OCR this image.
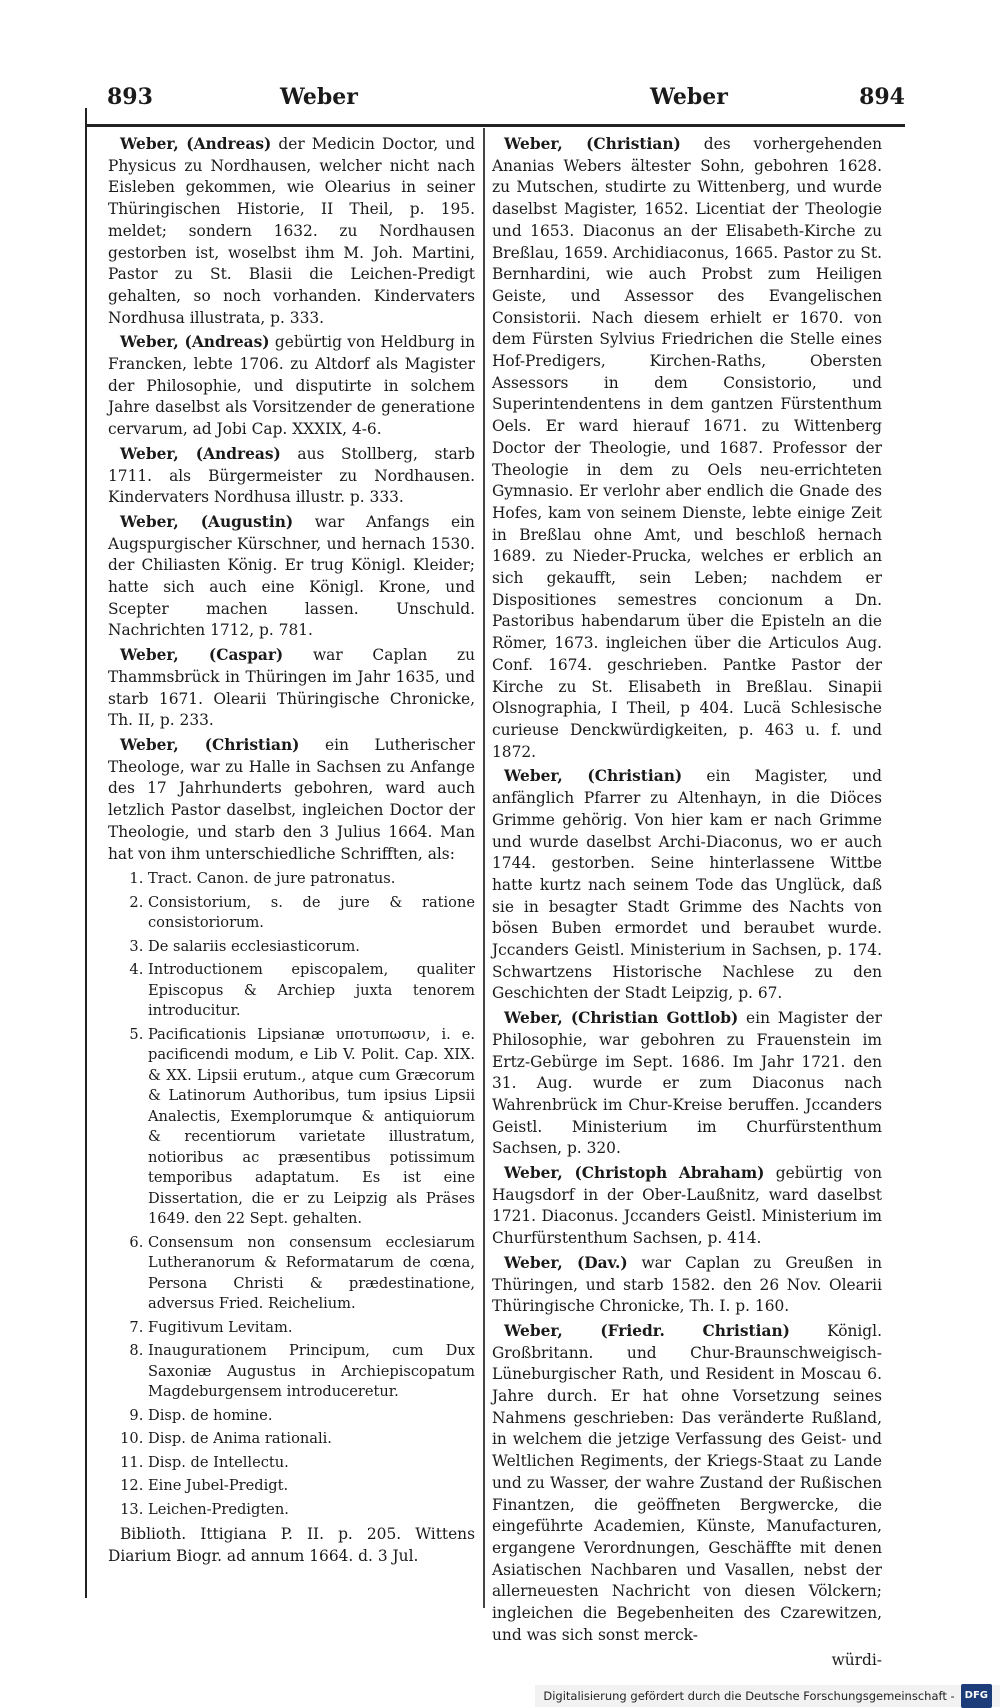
893	Weber	Weber	894

Weber, (Andreas) der Medicin Doctor, und Physicus zu Nordhausen, welcher nicht nach Eisleben gekommen, wie Olearius in seiner Thüringischen Historie, II Theil, p. 195. meldet; sondern 1632. zu Nordhausen gestorben ist, woselbst ihm M. Joh. Martini, Pastor zu St. Blasii die Leichen-Predigt gehalten, so noch vorhanden. Kindervaters Nordhusa illustrata, p. 333.

Weber, (Andreas) gebürtig von Heldburg in Francken, lebte 1706. zu Altdorf als Magister der Philosophie, und disputirte in solchem Jahre daselbst als Vorsitzender de generatione cervarum, ad Jobi Cap. XXXIX, 4-6.

Weber, (Andreas) aus Stollberg, starb 1711. als Bürgermeister zu Nordhausen. Kindervaters Nordhusa illustr. p. 333.

Weber, (Augustin) war Anfangs ein Augspurgischer Kürschner, und hernach 1530. der Chiliasten König. Er trug Königl. Kleider; hatte sich auch eine Königl. Krone, und Scepter machen lassen. Unschuld. Nachrichten 1712, p. 781.

Weber, (Caspar) war Caplan zu Thammsbrück in Thüringen im Jahr 1635, und starb 1671. Olearii Thüringische Chronicke, Th. II, p. 233.

Weber, (Christian) ein Lutherischer Theologe, war zu Halle in Sachsen zu Anfange des 17 Jahrhunderts gebohren, ward auch letzlich Pastor daselbst, ingleichen Doctor der Theologie, und starb den 3 Julius 1664. Man hat von ihm unterschiedliche Schrifften, als:

1. Tract. Canon. de jure patronatus.
2. Consistorium, s. de jure & ratione consistoriorum.
3. De salariis ecclesiasticorum.
4. Introductionem episcopalem, qualiter Episcopus & Archiep juxta tenorem introducitur.
5. Pacificationis Lipsianæ υποτυπωσιν, i. e. pacificendi modum, e Lib V. Polit. Cap. XIX. & XX. Lipsii erutum., atque cum Græcorum & Latinorum Authoribus, tum ipsius Lipsii Analectis, Exemplorumque & antiquiorum & recentiorum varietate illustratum, notioribus ac præsentibus potissimum temporibus adaptatum. Es ist eine Dissertation, die er zu Leipzig als Präses 1649. den 22 Sept. gehalten.
6. Consensum non consensum ecclesiarum Lutheranorum & Reformatarum de cœna, Persona Christi & prædestinatione, adversus Fried. Reichelium.
7. Fugitivum Levitam.
8. Inaugurationem Principum, cum Dux Saxoniæ Augustus in Archiepiscopatum Magdeburgensem introduceretur.
9. Disp. de homine.
10. Disp. de Anima rationali.
11. Disp. de Intellectu.
12. Eine Jubel-Predigt.
13. Leichen-Predigten.

Biblioth. Ittigiana P. II. p. 205. Wittens Diarium Biogr. ad annum 1664. d. 3 Jul.

Weber, (Christian) des vorhergehenden Ananias Webers ältester Sohn, gebohren 1628. zu Mutschen, studirte zu Wittenberg, und wurde daselbst Magister, 1652. Licentiat der Theologie und 1653. Diaconus an der Elisabeth-Kirche zu Breßlau, 1659. Archidiaconus, 1665. Pastor zu St. Bernhardini, wie auch Probst zum Heiligen Geiste, und Assessor des Evangelischen Consistorii. Nach diesem erhielt er 1670. von dem Fürsten Sylvius Friedrichen die Stelle eines Hof-Predigers, Kirchen-Raths, Obersten Assessors in dem Consistorio, und Superintendentens in dem gantzen Fürstenthum Oels. Er ward hierauf 1671. zu Wittenberg Doctor der Theologie, und 1687. Professor der Theologie in dem zu Oels neu-errichteten Gymnasio. Er verlohr aber endlich die Gnade des Hofes, kam von seinem Dienste, lebte einige Zeit in Breßlau ohne Amt, und beschloß hernach 1689. zu Nieder-Prucka, welches er erblich an sich gekaufft, sein Leben; nachdem er Dispositiones semestres concionum a Dn. Pastoribus habendarum über die Episteln an die Römer, 1673. ingleichen über die Articulos Aug. Conf. 1674. geschrieben. Pantke Pastor der Kirche zu St. Elisabeth in Breßlau. Sinapii Olsnographia, I Theil, p 404. Lucä Schlesische curieuse Denckwürdigkeiten, p. 463 u. f. und 1872.

Weber, (Christian) ein Magister, und anfänglich Pfarrer zu Altenhayn, in die Diöces Grimme gehörig. Von hier kam er nach Grimme und wurde daselbst Archi-Diaconus, wo er auch 1744. gestorben. Seine hinterlassene Wittbe hatte kurtz nach seinem Tode das Unglück, daß sie in besagter Stadt Grimme des Nachts von bösen Buben ermordet und beraubet wurde. Jccanders Geistl. Ministerium in Sachsen, p. 174. Schwartzens Historische Nachlese zu den Geschichten der Stadt Leipzig, p. 67.

Weber, (Christian Gottlob) ein Magister der Philosophie, war gebohren zu Frauenstein im Ertz-Gebürge im Sept. 1686. Im Jahr 1721. den 31. Aug. wurde er zum Diaconus nach Wahrenbrück im Chur-Kreise beruffen. Jccanders Geistl. Ministerium im Churfürstenthum Sachsen, p. 320.

Weber, (Christoph Abraham) gebürtig von Haugsdorf in der Ober-Laußnitz, ward daselbst 1721. Diaconus. Jccanders Geistl. Ministerium im Churfürstenthum Sachsen, p. 414.

Weber, (Dav.) war Caplan zu Greußen in Thüringen, und starb 1582. den 26 Nov. Olearii Thüringische Chronicke, Th. I. p. 160.

Weber, (Friedr. Christian) Königl. Großbritann. und Chur-Braunschweigisch-Lüneburgischer Rath, und Resident in Moscau 6. Jahre durch. Er hat ohne Vorsetzung seines Nahmens geschrieben: Das veränderte Rußland, in welchem die jetzige Verfassung des Geist- und Weltlichen Regiments, der Kriegs-Staat zu Lande und zu Wasser, der wahre Zustand der Rußischen Finantzen, die geöffneten Bergwercke, die eingeführte Academien, Künste, Manufacturen, ergangene Verordnungen, Geschäffte mit denen Asiatischen Nachbaren und Vasallen, nebst der allerneuesten Nachricht von diesen Völckern; ingleichen die Begebenheiten des Czarewitzen, und was sich sonst merck-

würdi-

Digitalisierung gefördert durch die Deutsche Forschungsgemeinschaft -	DFG
